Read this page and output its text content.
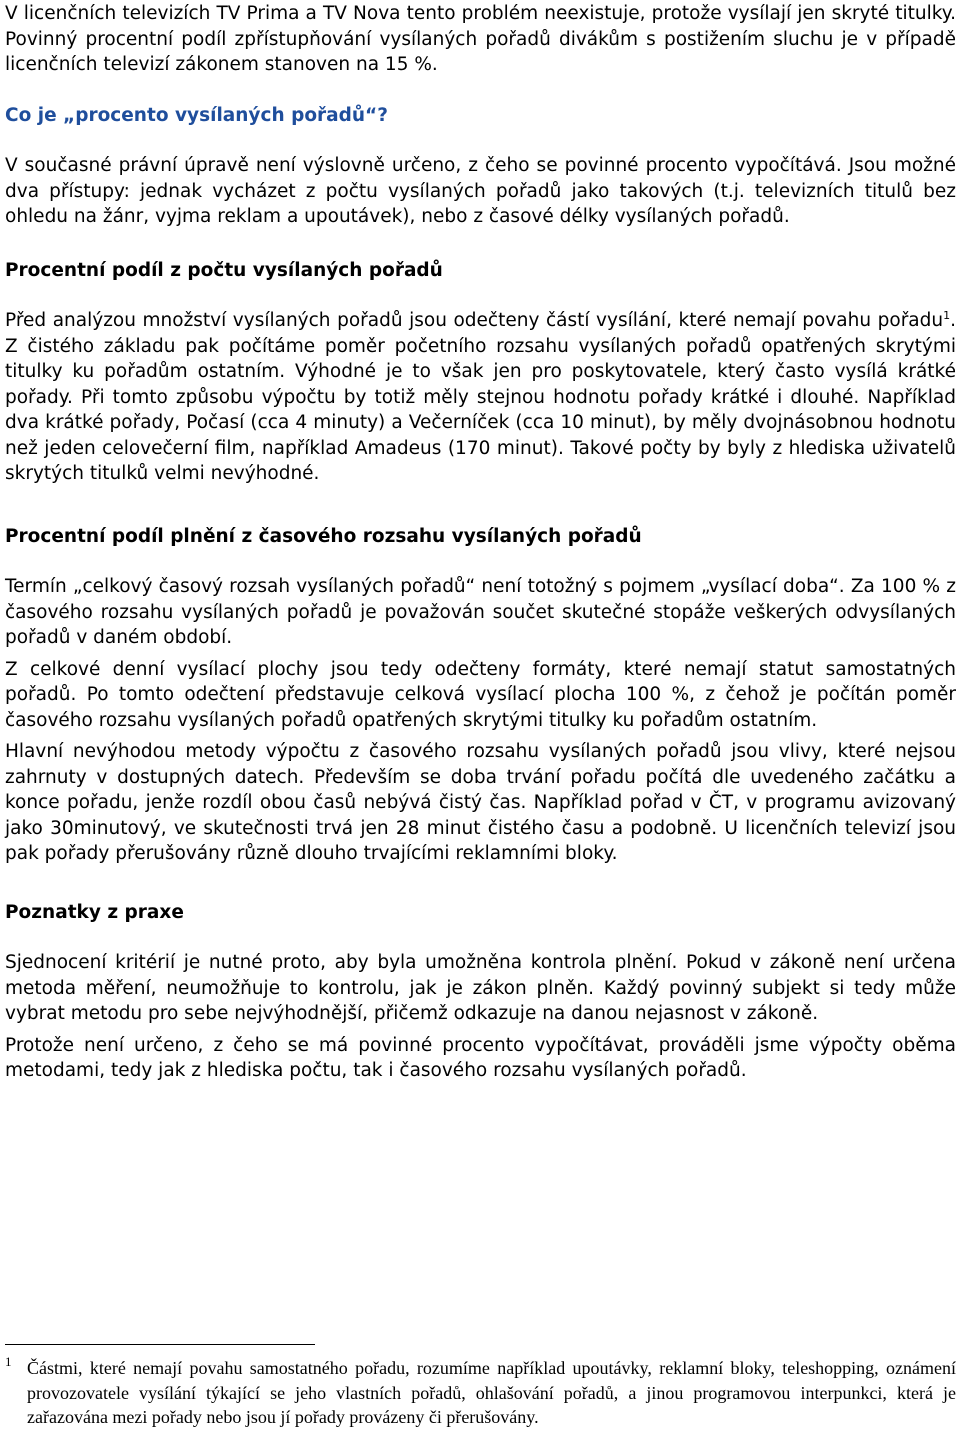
V licenčních televizích TV Prima a TV Nova tento problém neexistuje, protože vysílají jen skryté titulky. Povinný procentní podíl zpřístupňování vysílaných pořadů divákům s postižením sluchu je v případě licenčních televizí zákonem stanoven na 15 %.

Co je „procento vysílaných pořadů“?

V současné právní úpravě není výslovně určeno, z čeho se povinné procento vypočítává. Jsou možné dva přístupy: jednak vycházet z počtu vysílaných pořadů jako takových (t.j. televizních titulů bez ohledu na žánr, vyjma reklam a upoutávek), nebo z časové délky vysílaných pořadů.

Procentní podíl z počtu vysílaných pořadů

Před analýzou množství vysílaných pořadů jsou odečteny částí vysílání, které nemají povahu pořadu$^1$. Z čistého základu pak počítáme poměr početního rozsahu vysílaných pořadů opatřených skrytými titulky ku pořadům ostatním. Výhodné je to však jen pro poskytovatele, který často vysílá krátké pořady. Při tomto způsobu výpočtu by totiž měly stejnou hodnotu pořady krátké i dlouhé. Například dva krátké pořady, Počasí (cca 4 minuty) a Večerníček (cca 10 minut), by měly dvojnásobnou hodnotu než jeden celovečerní film, například Amadeus (170 minut). Takové počty by byly z hlediska uživatelů skrytých titulků velmi nevýhodné.

Procentní podíl plnění z časového rozsahu vysílaných pořadů

Termín „celkový časový rozsah vysílaných pořadů“ není totožný s pojmem „vysílací doba“. Za 100 % z časového rozsahu vysílaných pořadů je považován součet skutečné stopáže veškerých odvysílaných pořadů v daném období.

Z celkové denní vysílací plochy jsou tedy odečteny formáty, které nemají statut samostatných pořadů. Po tomto odečtení představuje celková vysílací plocha 100 %, z čehož je počítán poměr časového rozsahu vysílaných pořadů opatřených skrytými titulky ku pořadům ostatním.

Hlavní nevýhodou metody výpočtu z časového rozsahu vysílaných pořadů jsou vlivy, které nejsou zahrnuty v dostupných datech. Především se doba trvání pořadu počítá dle uvedeného začátku a konce pořadu, jenže rozdíl obou časů nebývá čistý čas. Například pořad v ČT, v programu avizovaný jako 30minutový, ve skutečnosti trvá jen 28 minut čistého času a podobně. U licenčních televizí jsou pak pořady přerušovány různě dlouho trvajícími reklamními bloky.

Poznatky z praxe

Sjednocení kritérií je nutné proto, aby byla umožněna kontrola plnění. Pokud v zákoně není určena metoda měření, neumožňuje to kontrolu, jak je zákon plněn. Každý povinný subjekt si tedy může vybrat metodu pro sebe nejvýhodnější, přičemž odkazuje na danou nejasnost v zákoně.

Protože není určeno, z čeho se má povinné procento vypočítávat, prováděli jsme výpočty oběma metodami, tedy jak z hlediska počtu, tak i časového rozsahu vysílaných pořadů.

1 Částmi, které nemají povahu samostatného pořadu, rozumíme například upoutávky, reklamní bloky, teleshopping, oznámení provozovatele vysílání týkající se jeho vlastních pořadů, ohlašování pořadů, a jinou programovou interpunkci, která je zařazována mezi pořady nebo jsou jí pořady provázeny či přerušovány.
